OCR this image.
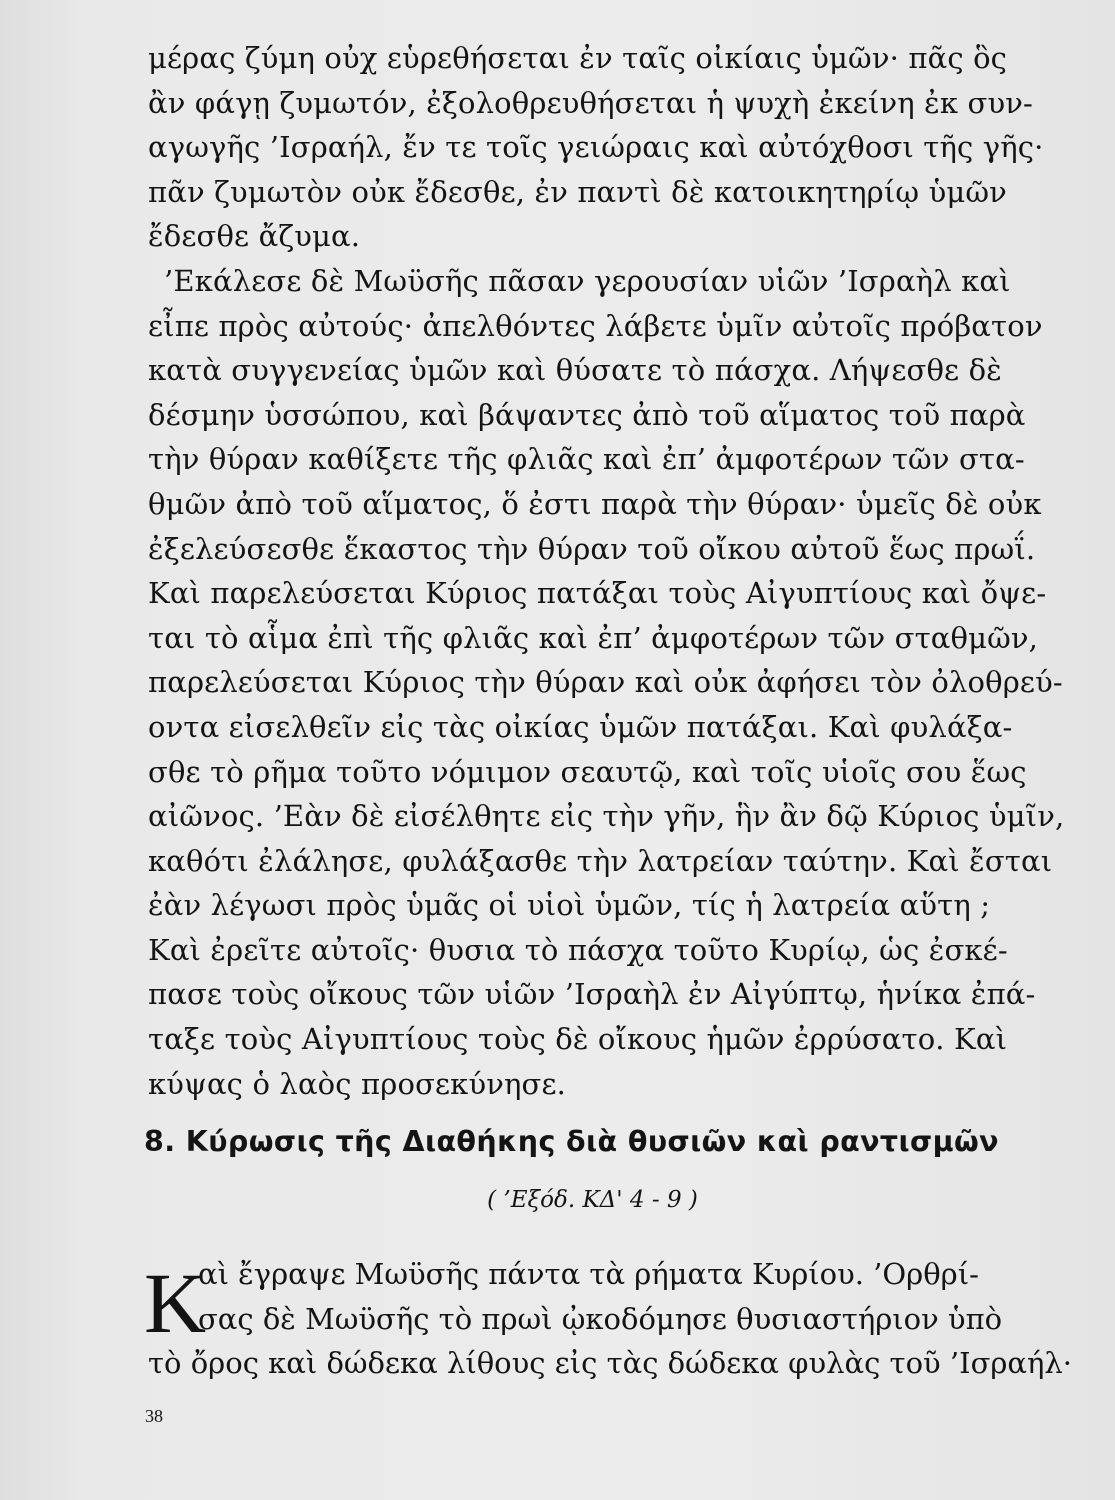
μέρας ζύμη οὐχ εὑρεθήσεται ἐν ταῖς οἰκίαις ὑμῶν· πᾶς ὃς
ἂν φάγῃ ζυμωτόν, ἐξολοθρευθήσεται ἡ ψυχὴ ἐκείνη ἐκ συν-
αγωγῆς ’Ισραήλ, ἔν τε τοῖς γειώραις καὶ αὐτόχθοσι τῆς γῆς·
πᾶν ζυμωτὸν οὐκ ἔδεσθε, ἐν παντὶ δὲ κατοικητηρίῳ ὑμῶν
ἔδεσθε ἄζυμα.
’Εκάλεσε δὲ Μωϋσῆς πᾶσαν γερουσίαν υἱῶν ’Ισραὴλ καὶ
εἶπε πρὸς αὐτούς· ἀπελθόντες λάβετε ὑμῖν αὐτοῖς πρόβατον
κατὰ συγγενείας ὑμῶν καὶ θύσατε τὸ πάσχα. Λήψεσθε δὲ
δέσμην ὑσσώπου, καὶ βάψαντες ἀπὸ τοῦ αἵματος τοῦ παρὰ
τὴν θύραν καθίξετε τῆς φλιᾶς καὶ ἐπ’ ἀμφοτέρων τῶν στα-
θμῶν ἀπὸ τοῦ αἵματος, ὅ ἐστι παρὰ τὴν θύραν· ὑμεῖς δὲ οὐκ
ἐξελεύσεσθε ἕκαστος τὴν θύραν τοῦ οἴκου αὐτοῦ ἕως πρωΐ.
Καὶ παρελεύσεται Κύριος πατάξαι τοὺς Αἰγυπτίους καὶ ὄψε-
ται τὸ αἷμα ἐπὶ τῆς φλιᾶς καὶ ἐπ’ ἀμφοτέρων τῶν σταθμῶν,
παρελεύσεται Κύριος τὴν θύραν καὶ οὐκ ἀφήσει τὸν ὀλοθρεύ-
οντα εἰσελθεῖν εἰς τὰς οἰκίας ὑμῶν πατάξαι. Καὶ φυλάξα-
σθε τὸ ρῆμα τοῦτο νόμιμον σεαυτῷ, καὶ τοῖς υἱοῖς σου ἕως
αἰῶνος. ’Εὰν δὲ εἰσέλθητε εἰς τὴν γῆν, ἣν ἂν δῷ Κύριος ὑμῖν,
καθότι ἐλάλησε, φυλάξασθε τὴν λατρείαν ταύτην. Καὶ ἔσται
ἐὰν λέγωσι πρὸς ὑμᾶς οἱ υἱοὶ ὑμῶν, τίς ἡ λατρεία αὕτη ;
Καὶ ἐρεῖτε αὐτοῖς· θυσια τὸ πάσχα τοῦτο Κυρίῳ, ὡς ἐσκέ-
πασε τοὺς οἴκους τῶν υἱῶν ’Ισραὴλ ἐν Αἰγύπτῳ, ἡνίκα ἐπά-
ταξε τοὺς Αἰγυπτίους τοὺς δὲ οἴκους ἡμῶν ἐρρύσατο. Καὶ
κύψας ὁ λαὸς προσεκύνησε.
8. Κύρωσις τῆς Διαθήκης διὰ θυσιῶν καὶ ραντισμῶν
( ’Εξόδ. ΚΔ' 4 - 9 )
Κ
αὶ ἔγραψε Μωϋσῆς πάντα τὰ ρήματα Κυρίου. ’Ορθρί-
σας δὲ Μωϋσῆς τὸ πρωὶ ᾠκοδόμησε θυσιαστήριον ὑπὸ
τὸ ὄρος καὶ δώδεκα λίθους εἰς τὰς δώδεκα φυλὰς τοῦ ’Ισραήλ·
38
